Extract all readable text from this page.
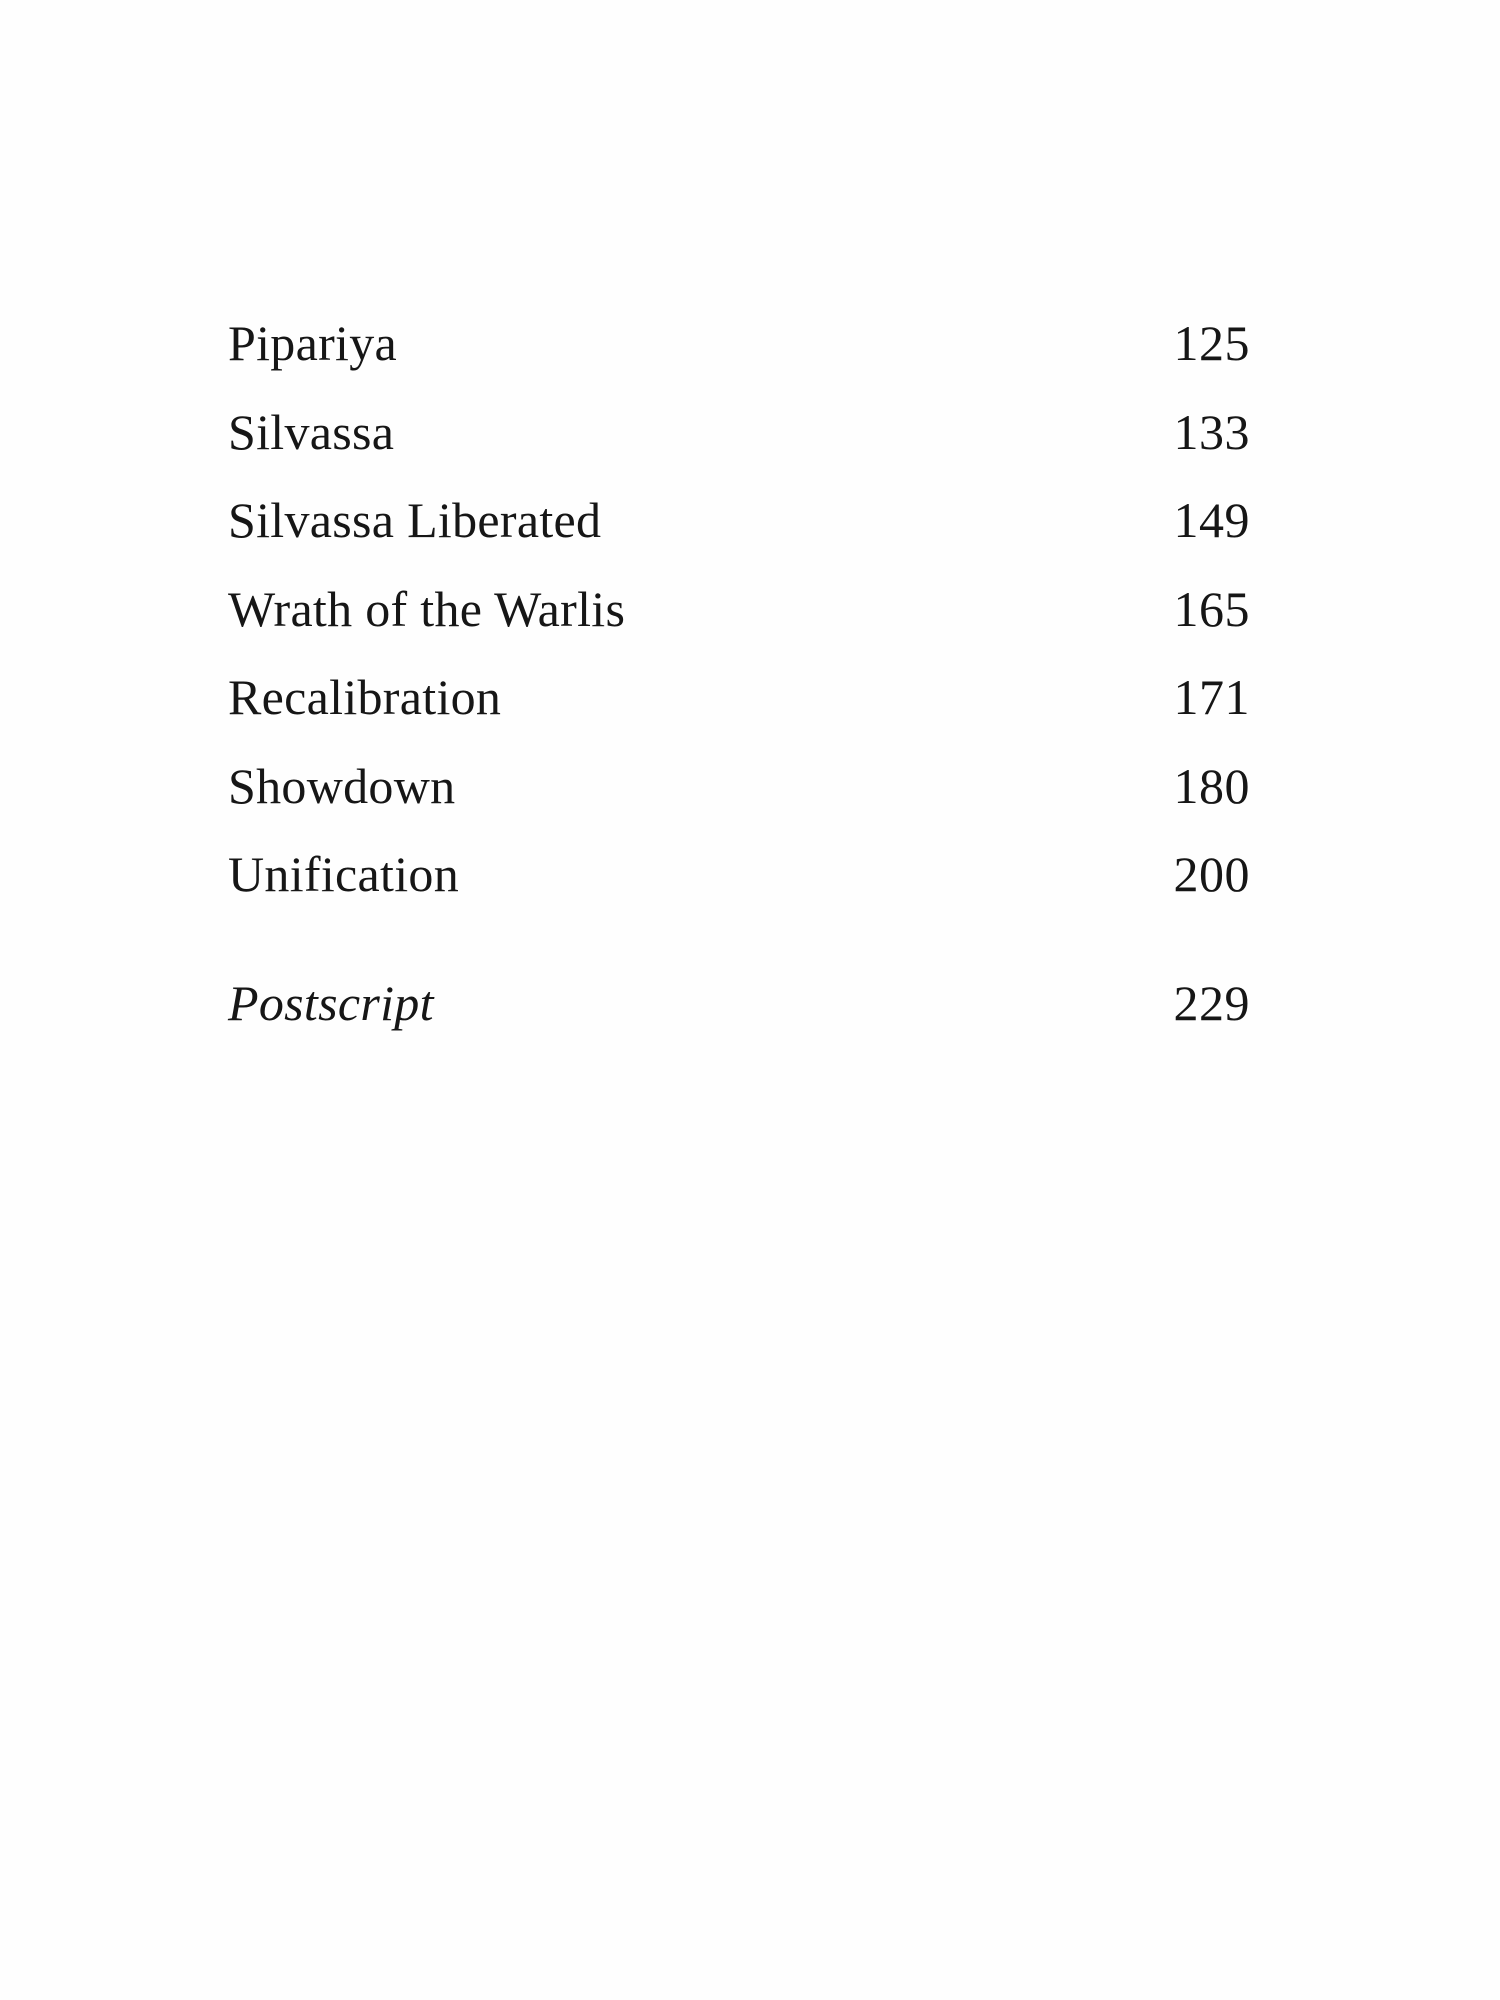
Pipariya	125
Silvassa	133
Silvassa Liberated	149
Wrath of the Warlis	165
Recalibration	171
Showdown	180
Unification	200
Postscript	229
